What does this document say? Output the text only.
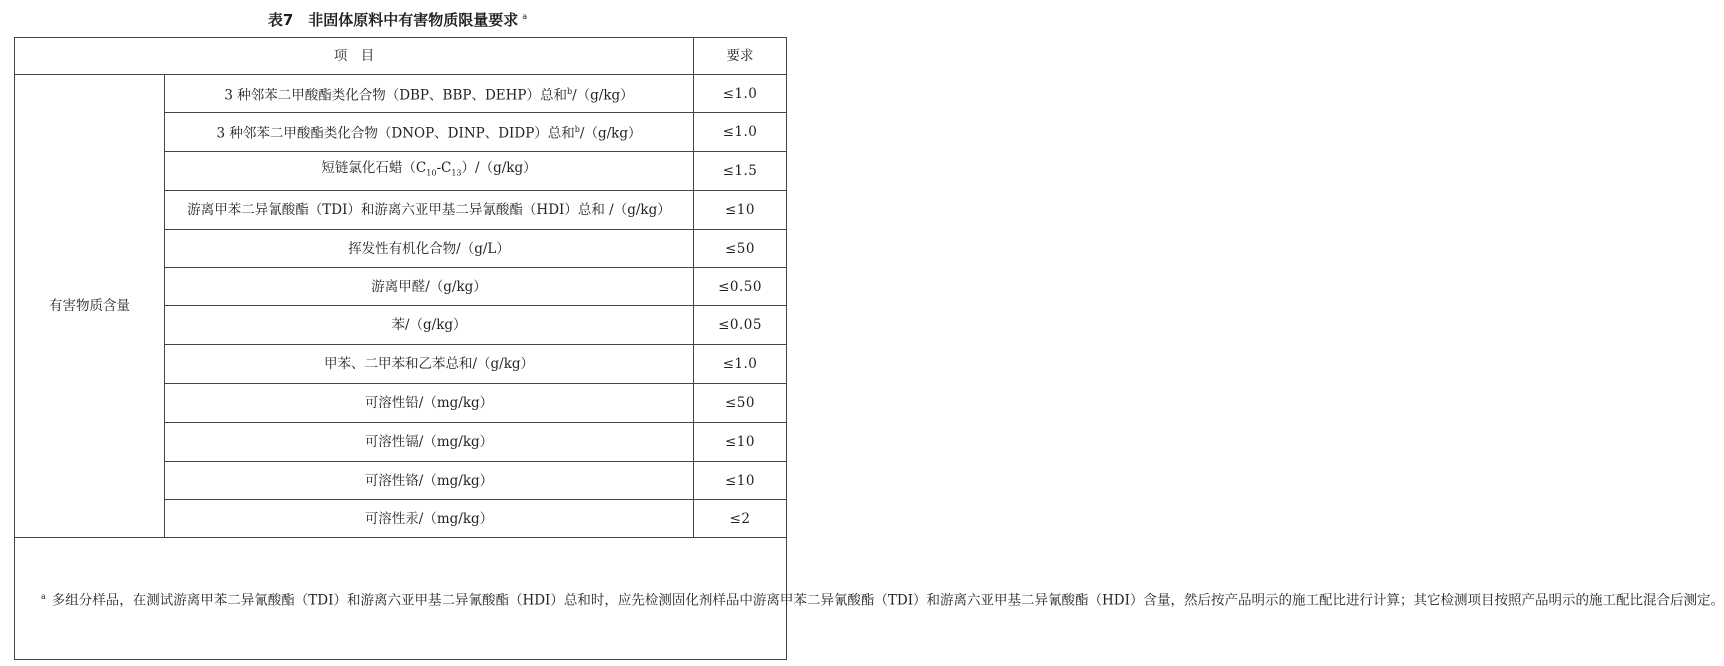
表7　非固体原料中有害物质限量要求 $^a$
项　目		要求
有害物质含量	3 种邻苯二甲酸酯类化合物（DBP、BBP、DEHP）总和$^b$/（g/kg）	≤1.0
	3 种邻苯二甲酸酯类化合物（DNOP、DINP、DIDP）总和$^b$/（g/kg）	≤1.0
	短链氯化石蜡$(C_{10}-C_{13})/(g/kg)$	≤1.5
	游离甲苯二异氰酸酯（TDI）和游离六亚甲基二异氰酸酯（HDI）总和 /（g/kg）	≤10
	挥发性有机化合物/（g/L）	≤50
	游离甲醛/（g/kg）	≤0.50
	苯/（g/kg）	≤0.05
	甲苯、二甲苯和乙苯总和/（g/kg）	≤1.0
	可溶性铅/（mg/kg）	≤50
	可溶性镉/（mg/kg）	≤10
	可溶性铬/（mg/kg）	≤10
	可溶性汞/（mg/kg）	≤2
$^a$ 多组分样品，在测试游离甲苯二异氰酸酯（TDI）和游离六亚甲基二异氰酸酯（HDI）总和时，应先检测固化剂样品中游离甲苯二异氰酸酯（TDI）和游离六亚甲基二异氰酸酯（HDI）含量，然后按产品明示的施工配比进行计算；其它检测项目按照产品明示的施工配比混合后测定。		
